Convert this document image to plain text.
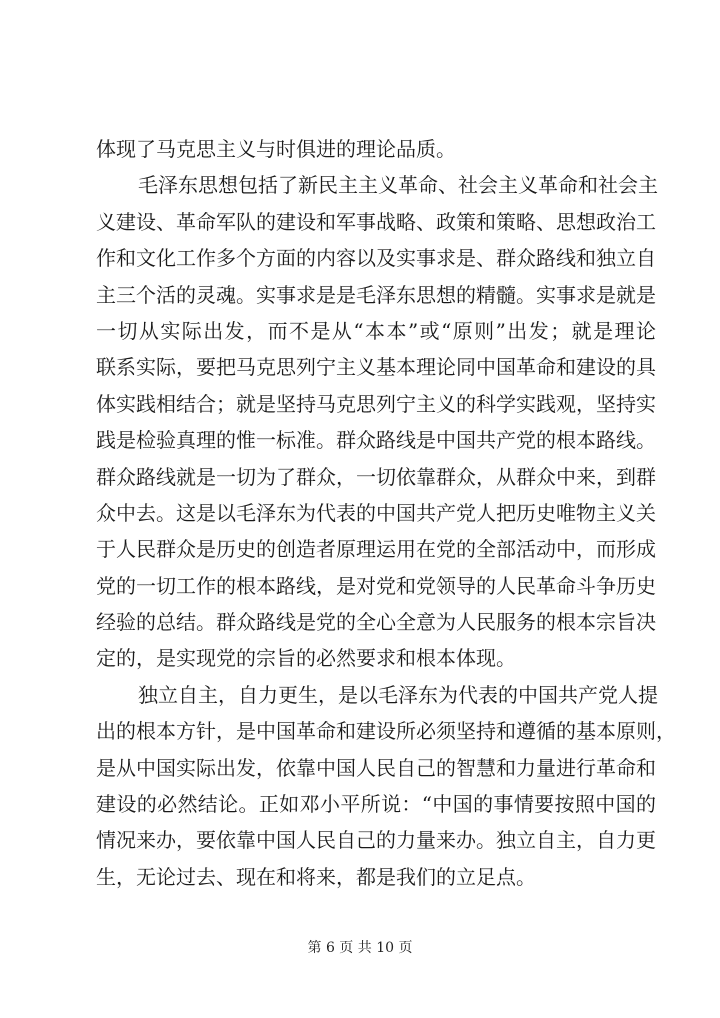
体现了马克思主义与时俱进的理论品质。
毛泽东思想包括了新民主主义革命、社会主义革命和社会主
义建设、革命军队的建设和军事战略、政策和策略、思想政治工
作和文化工作多个方面的内容以及实事求是、群众路线和独立自
主三个活的灵魂。实事求是是毛泽东思想的精髓。实事求是就是
一切从实际出发，而不是从“本本”或“原则”出发；就是理论
联系实际，要把马克思列宁主义基本理论同中国革命和建设的具
体实践相结合；就是坚持马克思列宁主义的科学实践观，坚持实
践是检验真理的惟一标准。群众路线是中国共产党的根本路线。
群众路线就是一切为了群众，一切依靠群众，从群众中来，到群
众中去。这是以毛泽东为代表的中国共产党人把历史唯物主义关
于人民群众是历史的创造者原理运用在党的全部活动中，而形成
党的一切工作的根本路线，是对党和党领导的人民革命斗争历史
经验的总结。群众路线是党的全心全意为人民服务的根本宗旨决
定的，是实现党的宗旨的必然要求和根本体现。
独立自主，自力更生，是以毛泽东为代表的中国共产党人提
出的根本方针，是中国革命和建设所必须坚持和遵循的基本原则，
是从中国实际出发，依靠中国人民自己的智慧和力量进行革命和
建设的必然结论。正如邓小平所说：“中国的事情要按照中国的
情况来办，要依靠中国人民自己的力量来办。独立自主，自力更
生，无论过去、现在和将来，都是我们的立足点。
第 6 页 共 10 页
